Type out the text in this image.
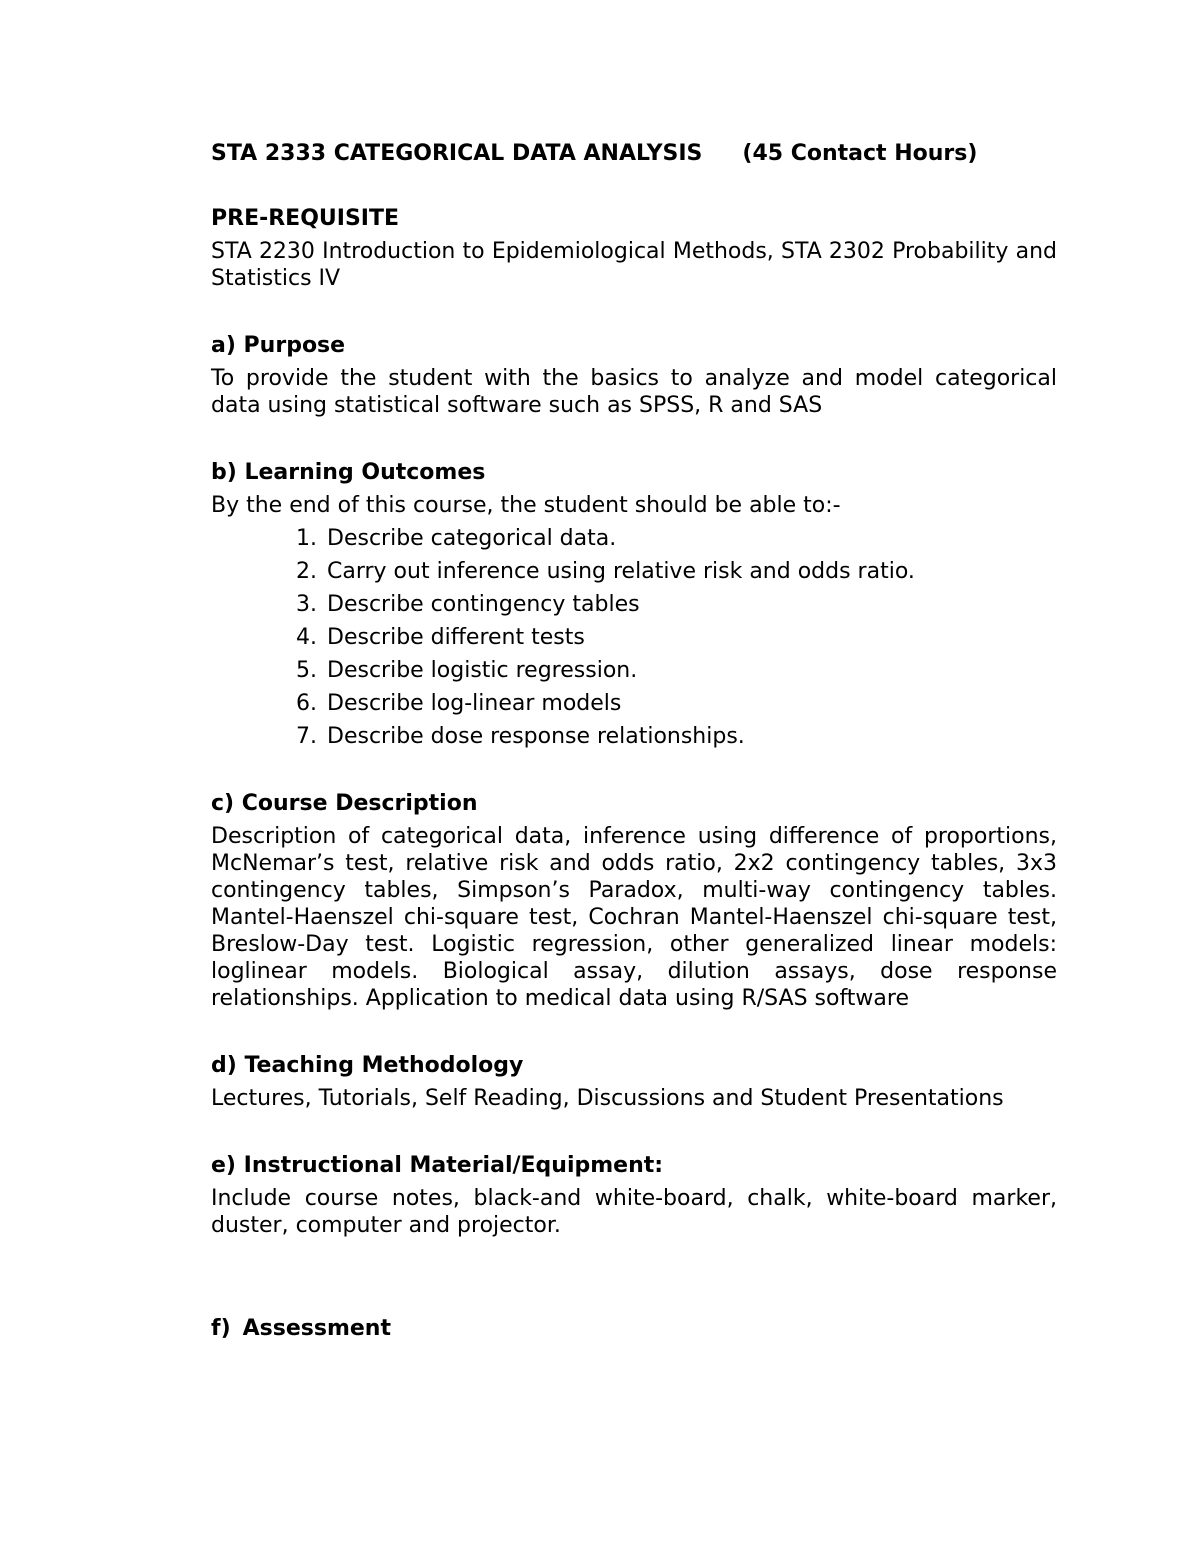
STA 2333 CATEGORICAL DATA ANALYSIS (45 Contact Hours)
PRE-REQUISITE

STA 2230 Introduction to Epidemiological Methods, STA 2302 Probability and Statistics IV

a) Purpose

To provide the student with the basics to analyze and model categorical data using statistical software such as SPSS, R and SAS

b) Learning Outcomes

By the end of this course, the student should be able to:-

1. Describe categorical data.
2. Carry out inference using relative risk and odds ratio.
3. Describe contingency tables
4. Describe different tests
5. Describe logistic regression.
6. Describe log-linear models
7. Describe dose response relationships.
c) Course Description

Description of categorical data, inference using difference of proportions, McNemar’s test, relative risk and odds ratio, 2x2 contingency tables, 3x3 contingency tables, Simpson’s Paradox, multi-way contingency tables. Mantel-Haenszel chi-square test, Cochran Mantel-Haenszel chi-square test, Breslow-Day test. Logistic regression, other generalized linear models: loglinear models. Biological assay, dilution assays, dose response relationships. Application to medical data using R/SAS software

d) Teaching Methodology

Lectures, Tutorials, Self Reading, Discussions and Student Presentations

e) Instructional Material/Equipment:

Include course notes, black-and white-board, chalk, white-board marker, duster, computer and projector.

f) Assessment
